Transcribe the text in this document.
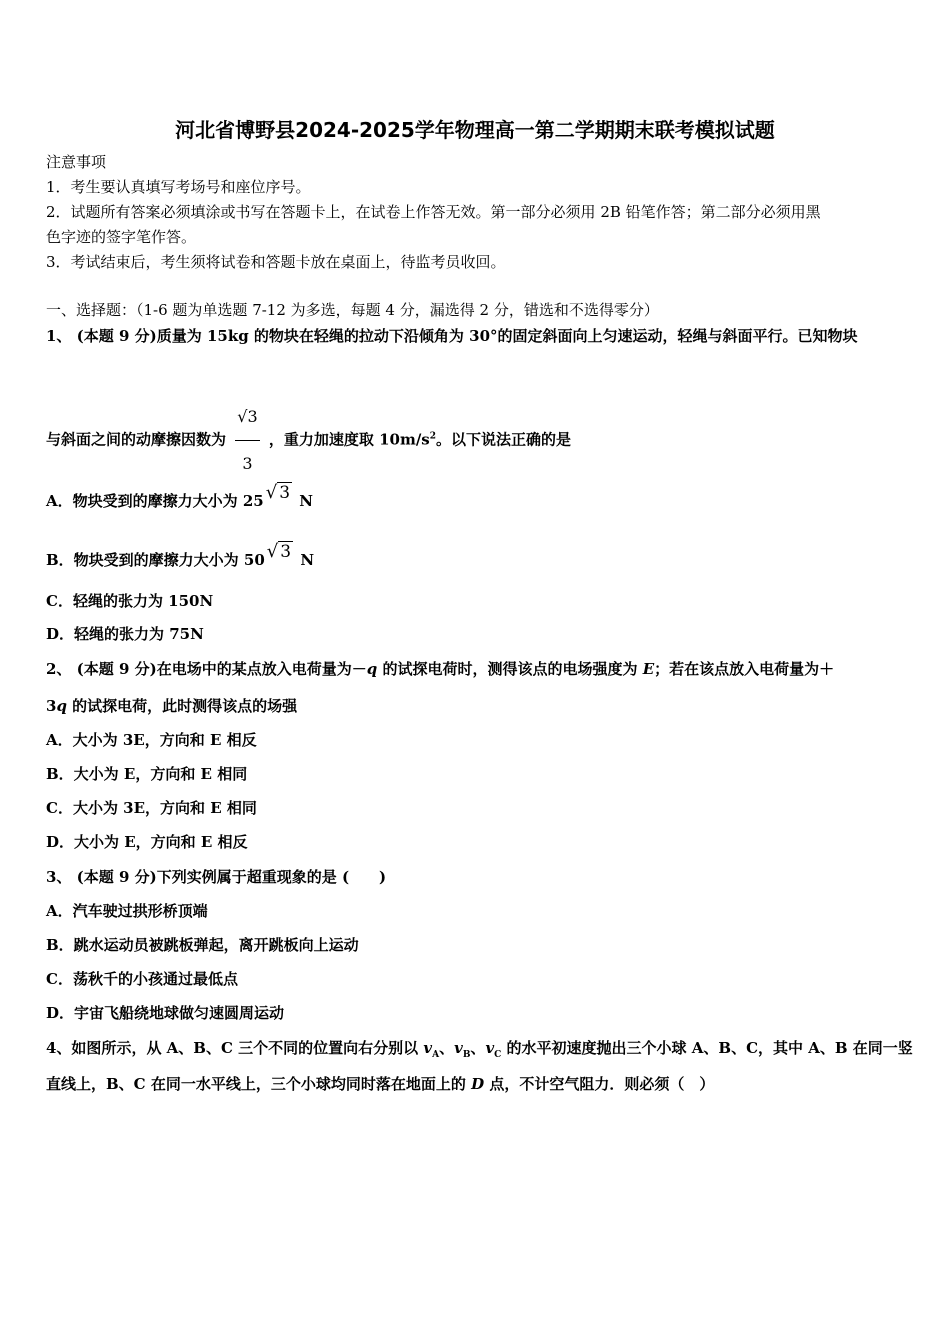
河北省博野县2024-2025学年物理高一第二学期期末联考模拟试题
注意事项
1．考生要认真填写考场号和座位序号。
2．试题所有答案必须填涂或书写在答题卡上，在试卷上作答无效。第一部分必须用 2B 铅笔作答；第二部分必须用黑
色字迹的签字笔作答。
3．考试结束后，考生须将试卷和答题卡放在桌面上，待监考员收回。
一、选择题：（1-6 题为单选题 7-12 为多选，每题 4 分，漏选得 2 分，错选和不选得零分）
1、 (本题 9 分)质量为 15kg 的物块在轻绳的拉动下沿倾角为 30°的固定斜面向上匀速运动，轻绳与斜面平行。已知物块
与斜面之间的动摩擦因数为 $\frac{√3}{3}$ ，重力加速度取 $10m/s^2$。以下说法正确的是
A．物块受到的摩擦力大小为 25 √ 3 N
B．物块受到的摩擦力大小为 50 √ 3 N
C．轻绳的张力为 150N
D．轻绳的张力为 75N
2、 (本题 9 分)在电场中的某点放入电荷量为－q 的试探电荷时，测得该点的电场强度为 E；若在该点放入电荷量为＋
3q 的试探电荷，此时测得该点的场强
A．大小为 3E，方向和 E 相反
B．大小为 E，方向和 E 相同
C．大小为 3E，方向和 E 相同
D．大小为 E，方向和 E 相反
3、 (本题 9 分)下列实例属于超重现象的是 (　　)
A．汽车驶过拱形桥顶端
B．跳水运动员被跳板弹起，离开跳板向上运动
C．荡秋千的小孩通过最低点
D．宇宙飞船绕地球做匀速圆周运动
4、如图所示，从 A、B、C 三个不同的位置向右分别以 $v_A$、$v_B$、$v_C$ 的水平初速度抛出三个小球 A、B、C，其中 A、B 在同一竖
直线上，B、C 在同一水平线上，三个小球均同时落在地面上的 D 点，不计空气阻力．则必须（　）
